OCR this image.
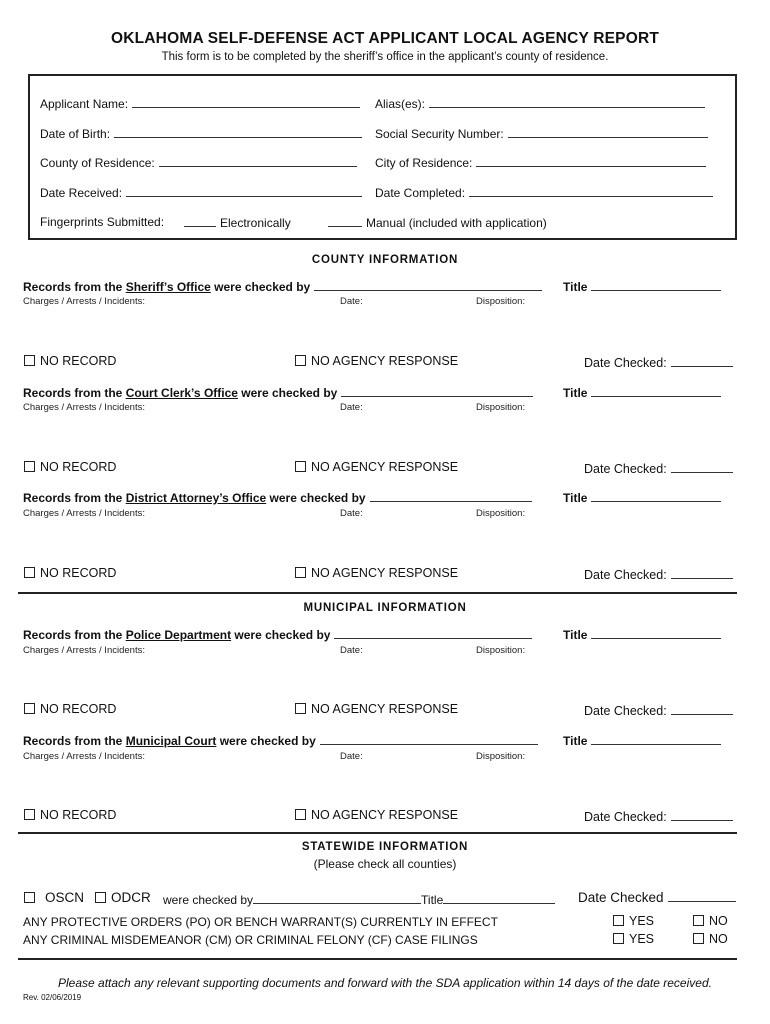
OKLAHOMA SELF-DEFENSE ACT APPLICANT LOCAL AGENCY REPORT
This form is to be completed by the sheriff’s office in the applicant’s county of residence.
Applicant Name:	Alias(es):
Date of Birth:	Social Security Number:
County of Residence:	City of Residence:
Date Received:	Date Completed:
Fingerprints Submitted:	Electronically	Manual (included with application)
COUNTY INFORMATION
Records from the Sheriff’s Office were checked by	Title
Charges / Arrests / Incidents:	Date:	Disposition:
NO RECORD	NO AGENCY RESPONSE	Date Checked:
Records from the Court Clerk’s Office were checked by	Title
Charges / Arrests / Incidents:	Date:	Disposition:
NO RECORD	NO AGENCY RESPONSE	Date Checked:
Records from the District Attorney’s Office were checked by	Title
Charges / Arrests / Incidents:	Date:	Disposition:
NO RECORD	NO AGENCY RESPONSE	Date Checked:
MUNICIPAL INFORMATION
Records from the Police Department were checked by	Title
Charges / Arrests / Incidents:	Date:	Disposition:
NO RECORD	NO AGENCY RESPONSE	Date Checked:
Records from the Municipal Court were checked by	Title
Charges / Arrests / Incidents:	Date:	Disposition:
NO RECORD	NO AGENCY RESPONSE	Date Checked:
STATEWIDE INFORMATION
(Please check all counties)
OSCN	ODCR were checked by	Title	Date Checked
ANY PROTECTIVE ORDERS (PO) OR BENCH WARRANT(S) CURRENTLY IN EFFECT	YES	NO
ANY CRIMINAL MISDEMEANOR (CM) OR CRIMINAL FELONY (CF) CASE FILINGS	YES	NO
Please attach any relevant supporting documents and forward with the SDA application within 14 days of the date received.
Rev. 02/06/2019
